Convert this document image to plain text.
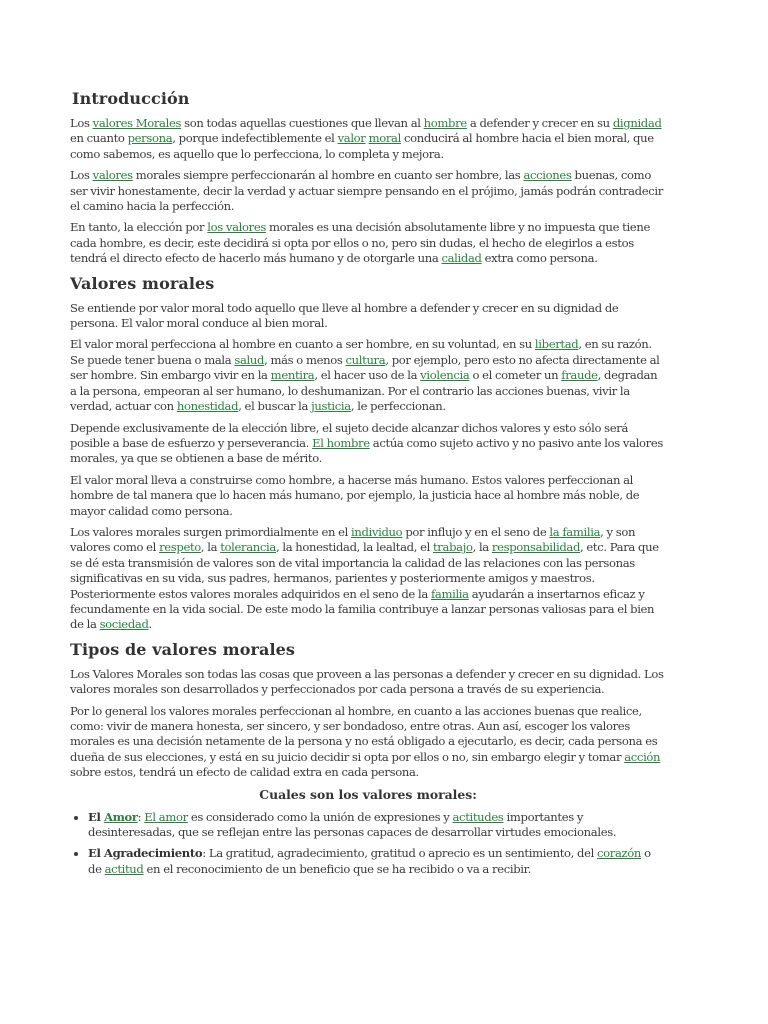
Introducción

Los valores Morales son todas aquellas cuestiones que llevan al hombre a defender y crecer en su dignidad en cuanto persona, porque indefectiblemente el valor moral conducirá al hombre hacia el bien moral, que como sabemos, es aquello que lo perfecciona, lo completa y mejora.

Los valores morales siempre perfeccionarán al hombre en cuanto ser hombre, las acciones buenas, como ser vivir honestamente, decir la verdad y actuar siempre pensando en el prójimo, jamás podrán contradecir el camino hacia la perfección.

En tanto, la elección por los valores morales es una decisión absolutamente libre y no impuesta que tiene cada hombre, es decir, este decidirá si opta por ellos o no, pero sin dudas, el hecho de elegirlos a estos tendrá el directo efecto de hacerlo más humano y de otorgarle una calidad extra como persona.

Valores morales

Se entiende por valor moral todo aquello que lleve al hombre a defender y crecer en su dignidad de persona. El valor moral conduce al bien moral.

El valor moral perfecciona al hombre en cuanto a ser hombre, en su voluntad, en su libertad, en su razón. Se puede tener buena o mala salud, más o menos cultura, por ejemplo, pero esto no afecta directamente al ser hombre. Sin embargo vivir en la mentira, el hacer uso de la violencia o el cometer un fraude, degradan a la persona, empeoran al ser humano, lo deshumanizan. Por el contrario las acciones buenas, vivir la verdad, actuar con honestidad, el buscar la justicia, le perfeccionan.

Depende exclusivamente de la elección libre, el sujeto decide alcanzar dichos valores y esto sólo será posible a base de esfuerzo y perseverancia. El hombre actúa como sujeto activo y no pasivo ante los valores morales, ya que se obtienen a base de mérito.

El valor moral lleva a construirse como hombre, a hacerse más humano. Estos valores perfeccionan al hombre de tal manera que lo hacen más humano, por ejemplo, la justicia hace al hombre más noble, de mayor calidad como persona.

Los valores morales surgen primordialmente en el individuo por influjo y en el seno de la familia, y son valores como el respeto, la tolerancia, la honestidad, la lealtad, el trabajo, la responsabilidad, etc. Para que se dé esta transmisión de valores son de vital importancia la calidad de las relaciones con las personas significativas en su vida, sus padres, hermanos, parientes y posteriormente amigos y maestros. Posteriormente estos valores morales adquiridos en el seno de la familia ayudarán a insertarnos eficaz y fecundamente en la vida social. De este modo la familia contribuye a lanzar personas valiosas para el bien de la sociedad.

Tipos de valores morales

Los Valores Morales son todas las cosas que proveen a las personas a defender y crecer en su dignidad. Los valores morales son desarrollados y perfeccionados por cada persona a través de su experiencia.

Por lo general los valores morales perfeccionan al hombre, en cuanto a las acciones buenas que realice, como: vivir de manera honesta, ser sincero, y ser bondadoso, entre otras. Aun así, escoger los valores morales es una decisión netamente de la persona y no está obligado a ejecutarlo, es decir, cada persona es dueña de sus elecciones, y está en su juicio decidir si opta por ellos o no, sin embargo elegir y tomar acción sobre estos, tendrá un efecto de calidad extra en cada persona.

Cuales son los valores morales:
• El Amor: El amor es considerado como la unión de expresiones y actitudes importantes y desinteresadas, que se reflejan entre las personas capaces de desarrollar virtudes emocionales.
• El Agradecimiento: La gratitud, agradecimiento, gratitud o aprecio es un sentimiento, del corazón o de actitud en el reconocimiento de un beneficio que se ha recibido o va a recibir.
